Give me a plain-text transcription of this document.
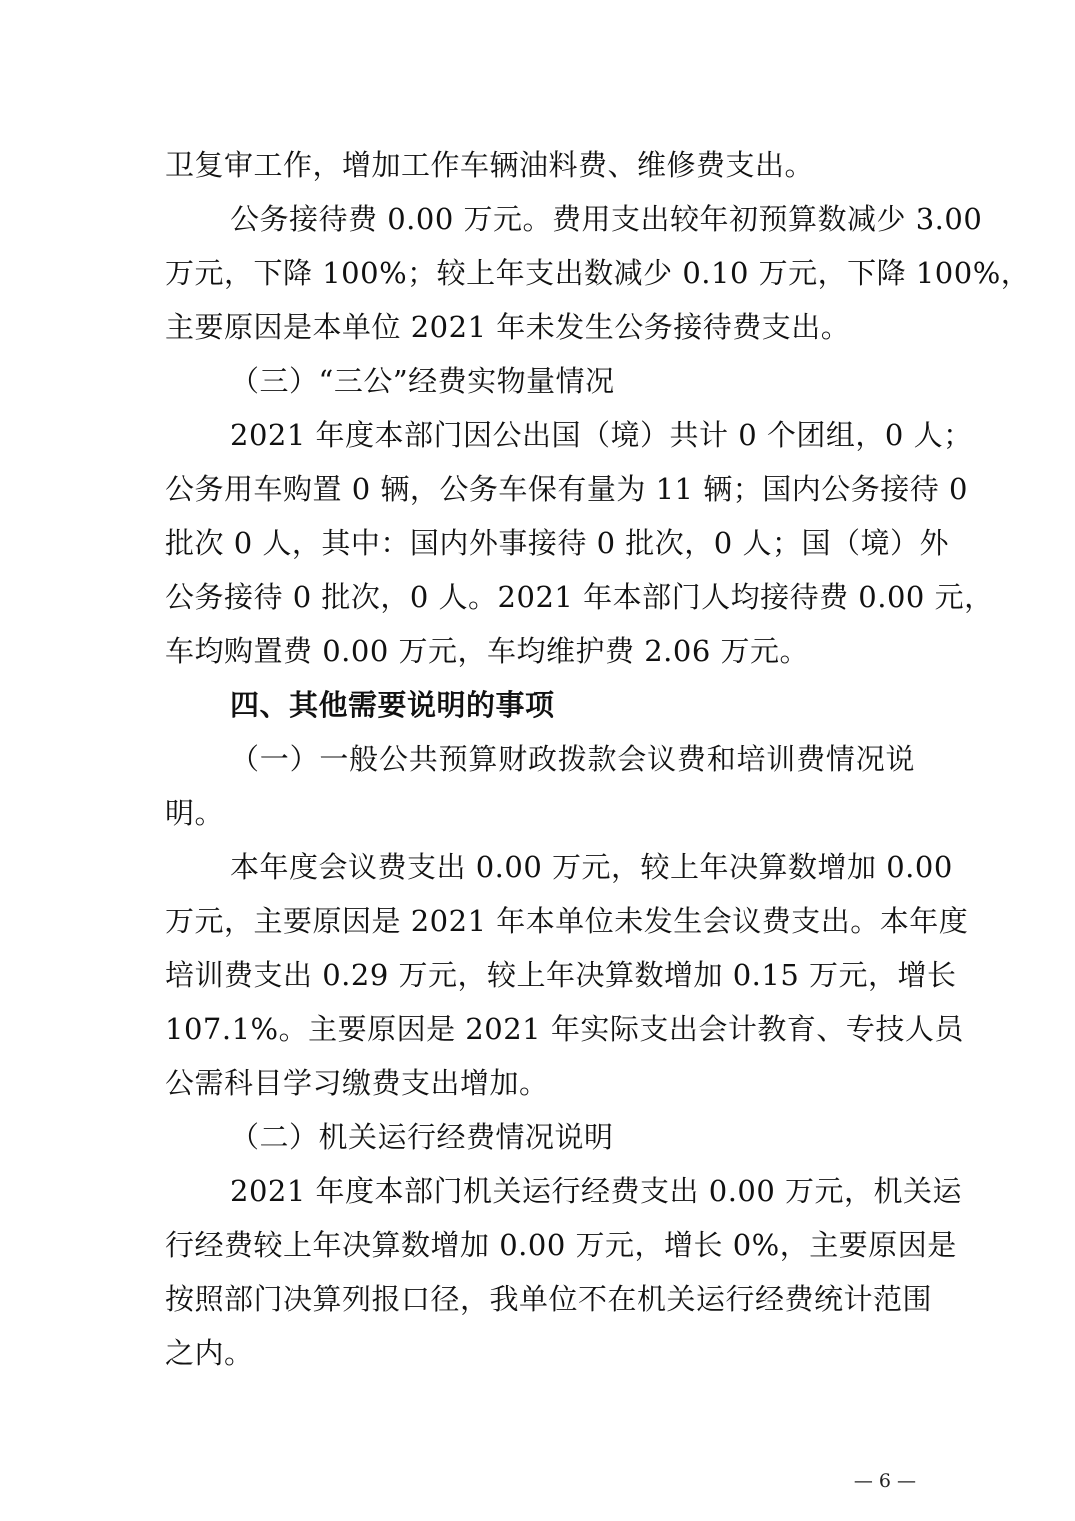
卫复审工作，增加工作车辆油料费、维修费支出。
公务接待费 0.00 万元。费用支出较年初预算数减少 3.00
万元，下降 100%；较上年支出数减少 0.10 万元，下降 100%，
主要原因是本单位 2021 年未发生公务接待费支出。
（三）“三公”经费实物量情况
2021 年度本部门因公出国（境）共计 0 个团组，0 人；
公务用车购置 0 辆，公务车保有量为 11 辆；国内公务接待 0
批次 0 人，其中：国内外事接待 0 批次，0 人；国（境）外
公务接待 0 批次，0 人。2021 年本部门人均接待费 0.00 元，
车均购置费 0.00 万元，车均维护费 2.06 万元。
四、其他需要说明的事项
（一）一般公共预算财政拨款会议费和培训费情况说
明。
本年度会议费支出 0.00 万元，较上年决算数增加 0.00
万元，主要原因是 2021 年本单位未发生会议费支出。本年度
培训费支出 0.29 万元，较上年决算数增加 0.15 万元，增长
107.1%。主要原因是 2021 年实际支出会计教育、专技人员
公需科目学习缴费支出增加。
（二）机关运行经费情况说明
2021 年度本部门机关运行经费支出 0.00 万元，机关运
行经费较上年决算数增加 0.00 万元，增长 0%，主要原因是
按照部门决算列报口径，我单位不在机关运行经费统计范围
之内。
— 6 —
